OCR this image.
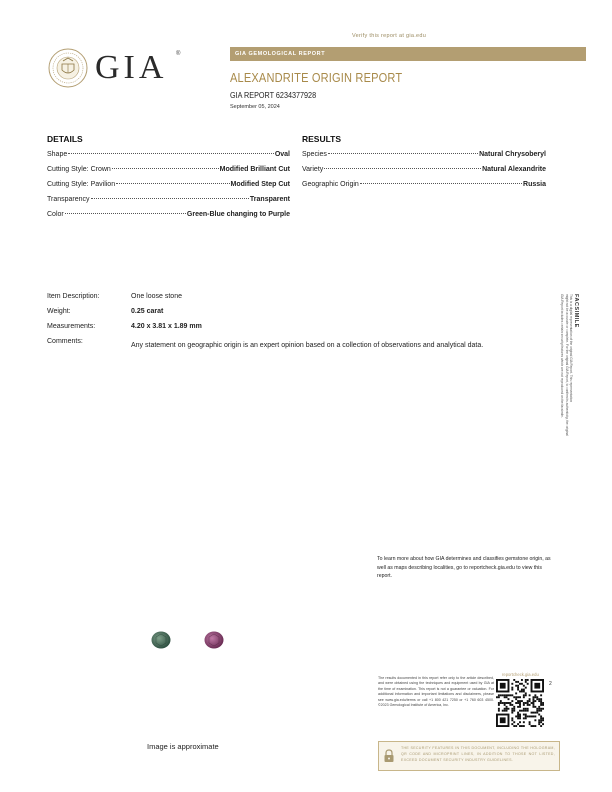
Verify this report at gia.edu
GIA ®	GIA GEMOLOGICAL REPORT
ALEXANDRITE ORIGIN REPORT
GIA REPORT 6234377928
September 05, 2024
DETAILS
Shape	Oval
Cutting Style: Crown	Modified Brilliant Cut
Cutting Style: Pavilion	Modified Step Cut
Transparency	Transparent
Color	Green-Blue changing to Purple
RESULTS
Species	Natural Chrysoberyl
Variety	Natural Alexandrite
Geographic Origin	Russia
Item Description:	One loose stone
Weight:	0.25 carat
Measurements:	4.20 x 3.81 x 1.89 mm
Comments:
Any statement on geographic origin is an expert opinion based on a collection of observations and analytical data.
FACSIMILE
This is a digital representation of the original GIA Report. This representation
might not be accurate or complete. For the original GIA Report, to confirm its authenticity, the original
GIA Report includes certain security features which are not reproduced on the facsimile.
To learn more about how GIA determines and classifies gemstone origin, as well as maps describing localities, go to reportcheck.gia.edu to view this report.
Image is approximate
The results documented in this report refer only to the article described, and were obtained using the techniques and equipment used by GIA at the time of examination. This report is not a guarantee or valuation. For additional information and important limitations and disclaimers, please see www.gia.edu/terms or call +1 800 421 7250 or +1 760 603 4500. ©2023 Gemological Institute of America, Inc.
reportcheck.gia.edu
2
THE SECURITY FEATURES IN THIS DOCUMENT, INCLUDING THE HOLOGRAM, QR CODE AND MICROPRINT LINES, IN ADDITION TO THOSE NOT LISTED, EXCEED DOCUMENT SECURITY INDUSTRY GUIDELINES.
